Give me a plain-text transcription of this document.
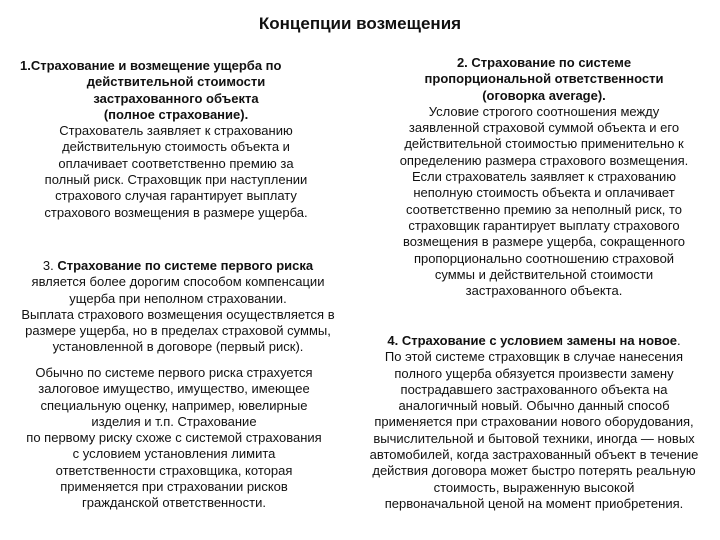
Концепции возмещения

1.Страхование и возмещение ущерба по

действительной стоимости

застрахованного объекта

(полное страхование).

Страхователь заявляет к страхованию

действительную стоимость объекта и

оплачивает соответственно премию за

полный риск. Страховщик при наступлении

страхового случая гарантирует выплату

страхового возмещения в размере ущерба.

3. Страхование по системе первого риска

является более дорогим способом компенсации

ущерба при неполном страховании.

Выплата страхового возмещения осуществляется в

размере ущерба, но в пределах страховой суммы,

установленной в договоре (первый риск).

Обычно по системе первого риска страхуется

залоговое имущество, имущество, имеющее

специальную оценку, например, ювелирные

изделия и т.п. Страхование

по первому риску схоже с системой страхования

с условием установления лимита

ответственности страховщика, которая

применяется при страховании рисков

гражданской ответственности.

2. Страхование по системе

пропорциональной ответственности

(оговорка average).

Условие строгого соотношения между

заявленной страховой суммой объекта и его

действительной стоимостью применительно к

определению размера страхового возмещения.

Если страхователь заявляет к страхованию

неполную стоимость объекта и оплачивает

соответственно премию за неполный риск, то

страховщик гарантирует выплату страхового

возмещения в размере ущерба, сокращенного

пропорционально соотношению страховой

суммы и действительной стоимости

застрахованного объекта.

4. Страхование с условием замены на новое.

По этой системе страховщик в случае нанесения

полного ущерба обязуется произвести замену

пострадавшего застрахованного объекта на

аналогичный новый. Обычно данный способ

применяется при страховании нового оборудования,

вычислительной и бытовой техники, иногда — новых

автомобилей, когда застрахованный объект в течение

действия договора может быстро потерять реальную

стоимость, выраженную высокой

первоначальной ценой на момент приобретения.
